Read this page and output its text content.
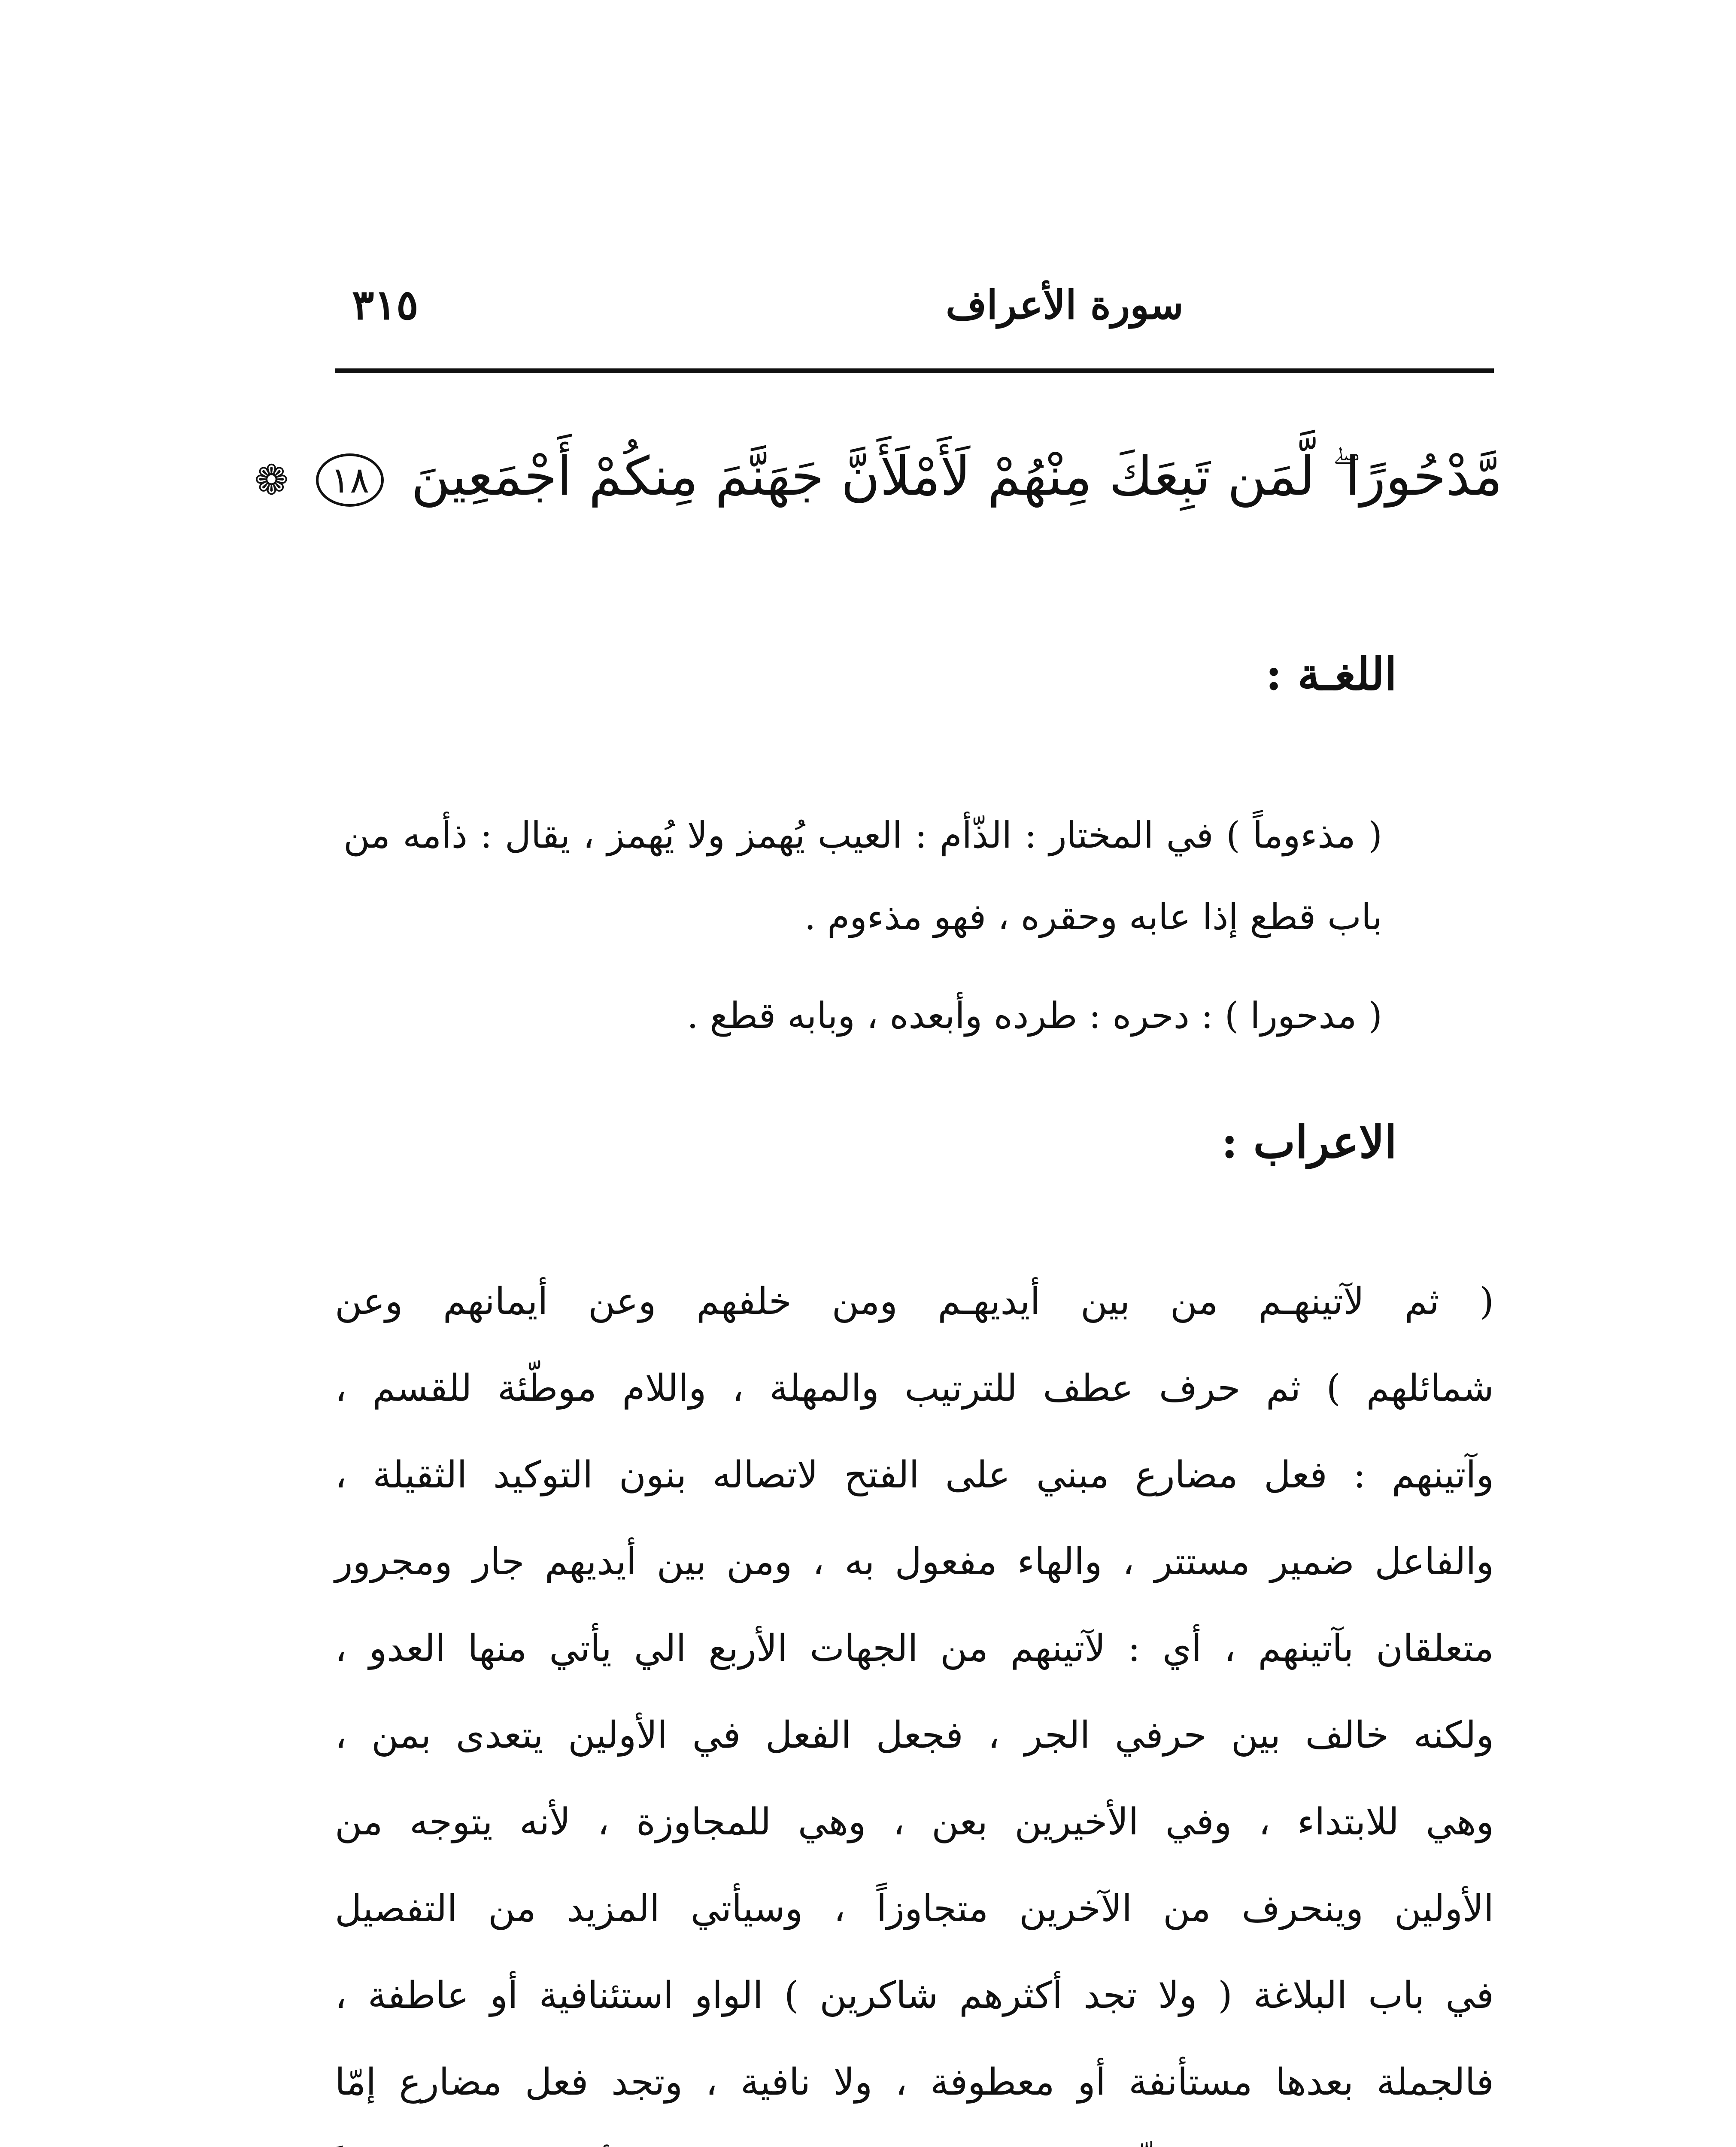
٣١٥	سورة الأعراف
مَّدْحُورًا ۖ لَّمَن تَبِعَكَ مِنْهُمْ لَأَمْلَأَنَّ جَهَنَّمَ مِنكُمْ أَجْمَعِينَ ١٨ ❁
اللغـة :
( مذءوماً ) في المختار : الذّأم : العيب يُهمز ولا يُهمز ، يقال : ذأمه من باب قطع إذا عابه وحقره ، فهو مذءوم .
( مدحورا ) : دحره : طرده وأبعده ، وبابه قطع .
الاعراب :
( ثم لآتينهـم من بين أيديهـم ومن خلفهم وعن أيمانهم وعن
شمائلهم ) ثم حرف عطف للترتيب والمهلة ، واللام موطّئة للقسم ،
وآتينهم : فعل مضارع مبني على الفتح لاتصاله بنون التوكيد الثقيلة ،
والفاعل ضمير مستتر ، والهاء مفعول به ، ومن بين أيديهم جار ومجرور
متعلقان بآتينهم ، أي : لآتينهم من الجهات الأربع الي يأتي منها العدو ،
ولكنه خالف بين حرفي الجر ، فجعل الفعل في الأولين يتعدى بمن ،
وهي للابتداء ، وفي الأخيرين بعن ، وهي للمجاوزة ، لأنه يتوجه من
الأولين وينحرف من الآخرين متجاوزاً ، وسيأتي المزيد من التفصيل
في باب البلاغة ( ولا تجد أكثرهم شاكرين ) الواو استئنافية أو عاطفة ،
فالجملة بعدها مستأنفة أو معطوفة ، ولا نافية ، وتجد فعل مضارع إمّا
